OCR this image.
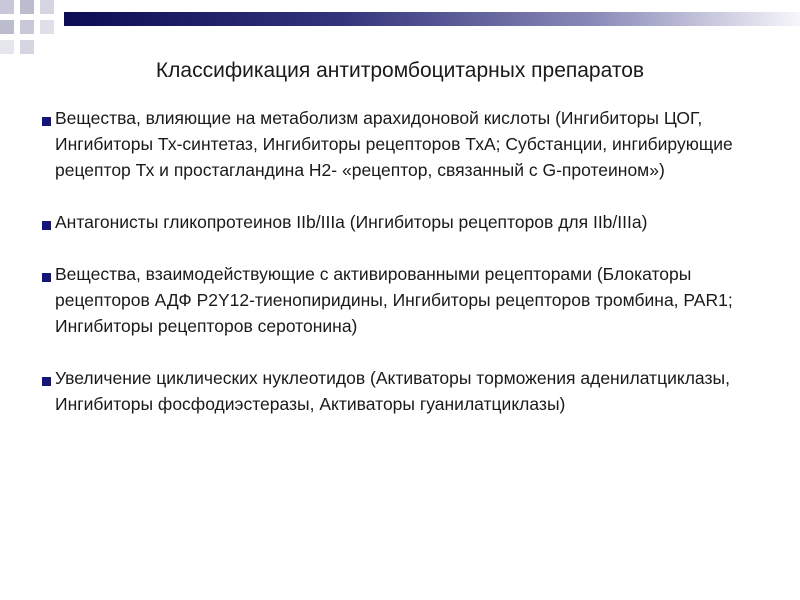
Классификация антитромбоцитарных препаратов
Вещества, влияющие на метаболизм арахидоновой кислоты (Ингибиторы ЦОГ, Ингибиторы Тх-синтетаз, Ингибиторы рецепторов ТхА; Субстанции, ингибирующие рецептор Тх и простагландина Н2- «рецептор, связанный с G-протеином»)
Антагонисты гликопротеинов IIb/IIIa (Ингибиторы рецепторов для IIb/IIIa)
Вещества, взаимодействующие с активированными рецепторами (Блокаторы рецепторов АДФ P2Y12-тиенопиридины, Ингибиторы рецепторов тромбина, PAR1; Ингибиторы рецепторов серотонина)
Увеличение циклических нуклеотидов (Активаторы торможения аденилатциклазы, Ингибиторы фосфодиэстеразы, Активаторы гуанилатциклазы)
